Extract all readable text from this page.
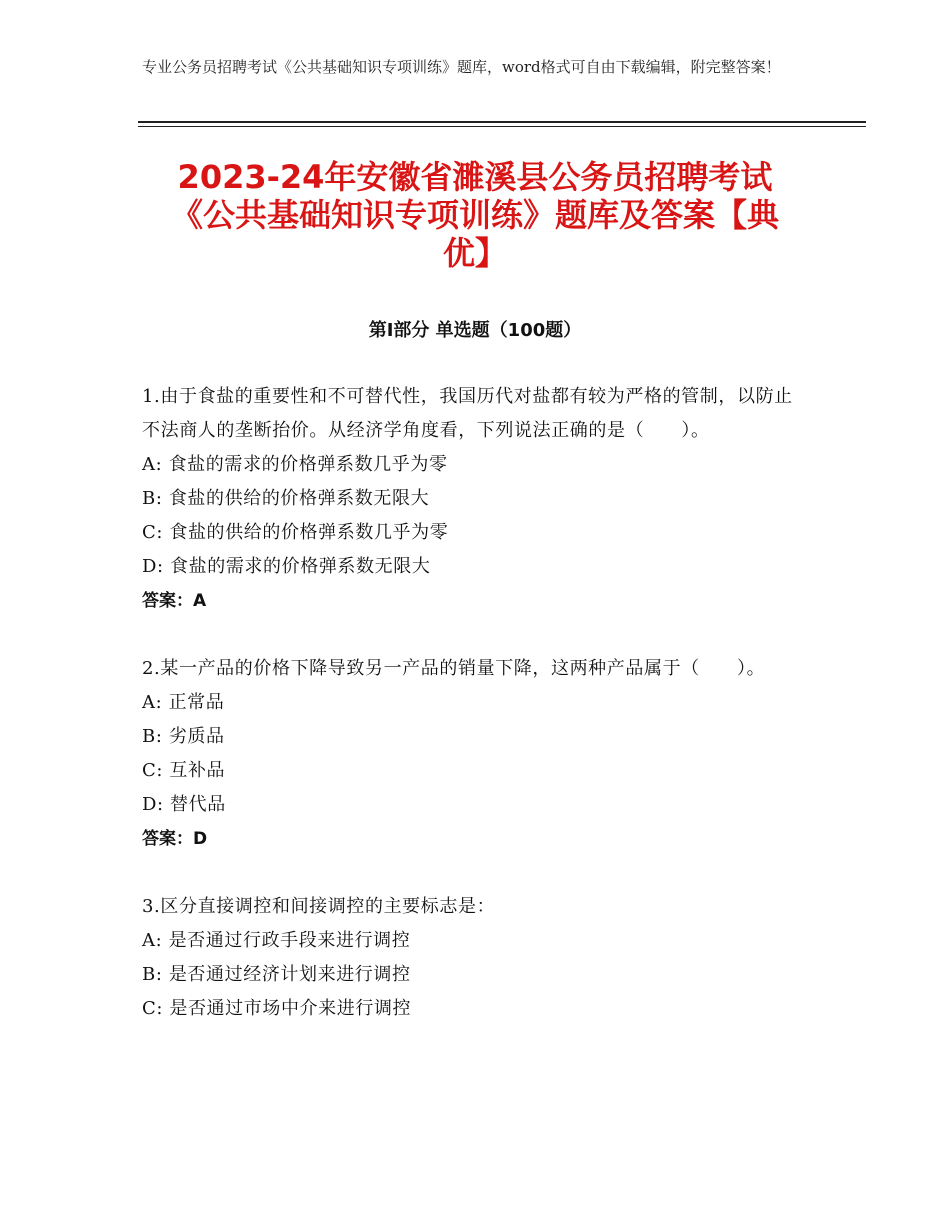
专业公务员招聘考试《公共基础知识专项训练》题库，word格式可自由下载编辑，附完整答案！
2023-24年安徽省濉溪县公务员招聘考试《公共基础知识专项训练》题库及答案【典优】
第Ⅰ部分 单选题（100题）
1.由于食盐的重要性和不可替代性，我国历代对盐都有较为严格的管制，以防止不法商人的垄断抬价。从经济学角度看，下列说法正确的是（　　）。
A: 食盐的需求的价格弹系数几乎为零
B: 食盐的供给的价格弹系数无限大
C: 食盐的供给的价格弹系数几乎为零
D: 食盐的需求的价格弹系数无限大
答案：A
2.某一产品的价格下降导致另一产品的销量下降，这两种产品属于（　　）。
A: 正常品
B: 劣质品
C: 互补品
D: 替代品
答案：D
3.区分直接调控和间接调控的主要标志是：
A: 是否通过行政手段来进行调控
B: 是否通过经济计划来进行调控
C: 是否通过市场中介来进行调控
